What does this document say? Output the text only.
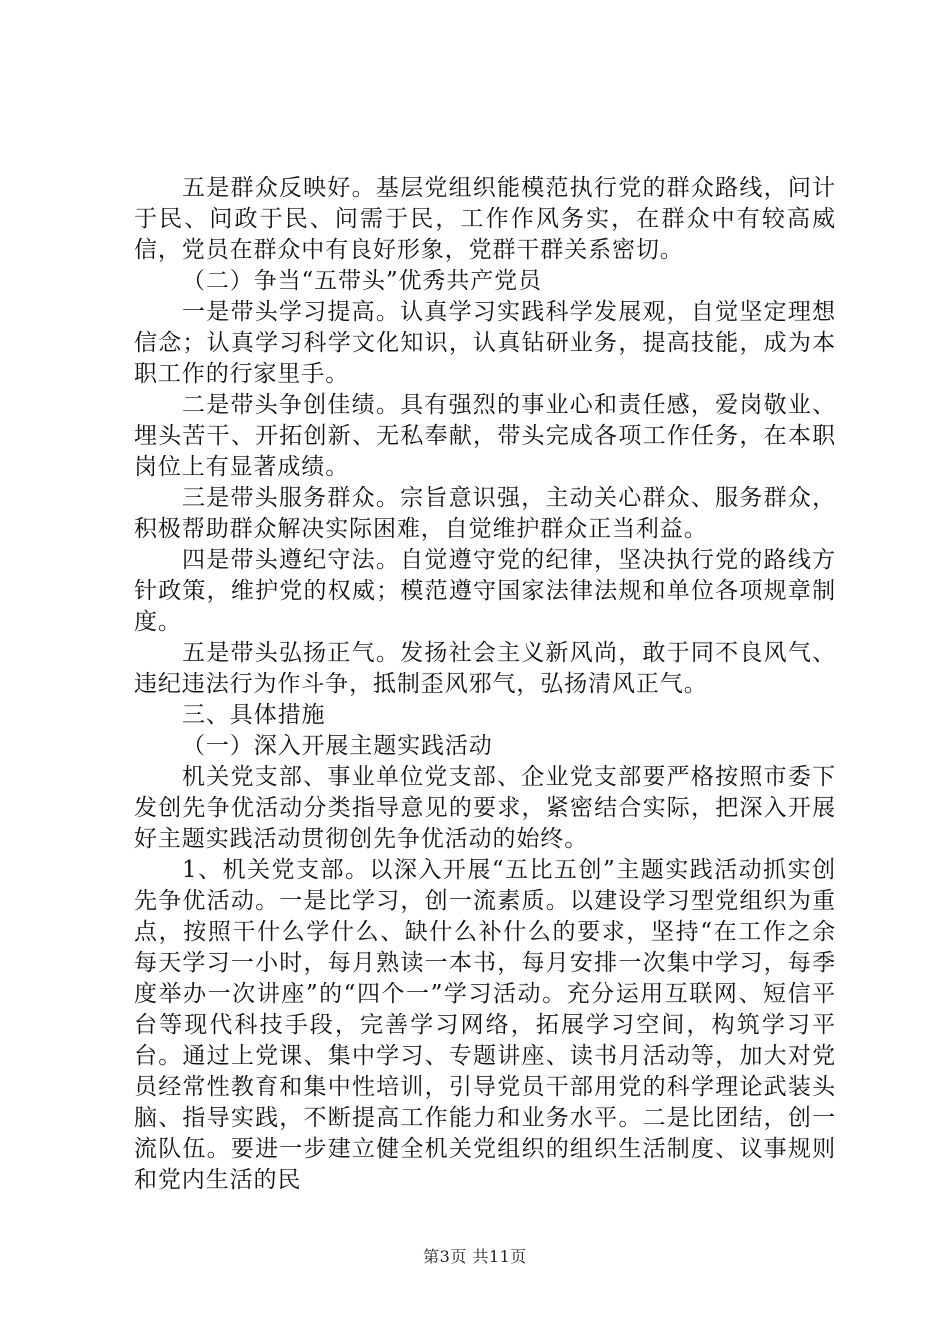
五是群众反映好。基层党组织能模范执行党的群众路线，问计于民、问政于民、问需于民，工作作风务实，在群众中有较高威信，党员在群众中有良好形象，党群干群关系密切。

（二）争当“五带头”优秀共产党员

一是带头学习提高。认真学习实践科学发展观，自觉坚定理想信念；认真学习科学文化知识，认真钻研业务，提高技能，成为本职工作的行家里手。

二是带头争创佳绩。具有强烈的事业心和责任感，爱岗敬业、埋头苦干、开拓创新、无私奉献，带头完成各项工作任务，在本职岗位上有显著成绩。

三是带头服务群众。宗旨意识强，主动关心群众、服务群众，积极帮助群众解决实际困难，自觉维护群众正当利益。

四是带头遵纪守法。自觉遵守党的纪律，坚决执行党的路线方针政策，维护党的权威；模范遵守国家法律法规和单位各项规章制度。

五是带头弘扬正气。发扬社会主义新风尚，敢于同不良风气、违纪违法行为作斗争，抵制歪风邪气，弘扬清风正气。

三、具体措施

（一）深入开展主题实践活动

机关党支部、事业单位党支部、企业党支部要严格按照市委下发创先争优活动分类指导意见的要求，紧密结合实际，把深入开展好主题实践活动贯彻创先争优活动的始终。

1、机关党支部。以深入开展“五比五创”主题实践活动抓实创先争优活动。一是比学习，创一流素质。以建设学习型党组织为重点，按照干什么学什么、缺什么补什么的要求，坚持“在工作之余每天学习一小时，每月熟读一本书，每月安排一次集中学习，每季度举办一次讲座”的“四个一”学习活动。充分运用互联网、短信平台等现代科技手段，完善学习网络，拓展学习空间，构筑学习平台。通过上党课、集中学习、专题讲座、读书月活动等，加大对党员经常性教育和集中性培训，引导党员干部用党的科学理论武装头脑、指导实践，不断提高工作能力和业务水平。二是比团结，创一流队伍。要进一步建立健全机关党组织的组织生活制度、议事规则和党内生活的民

第3页 共11页
